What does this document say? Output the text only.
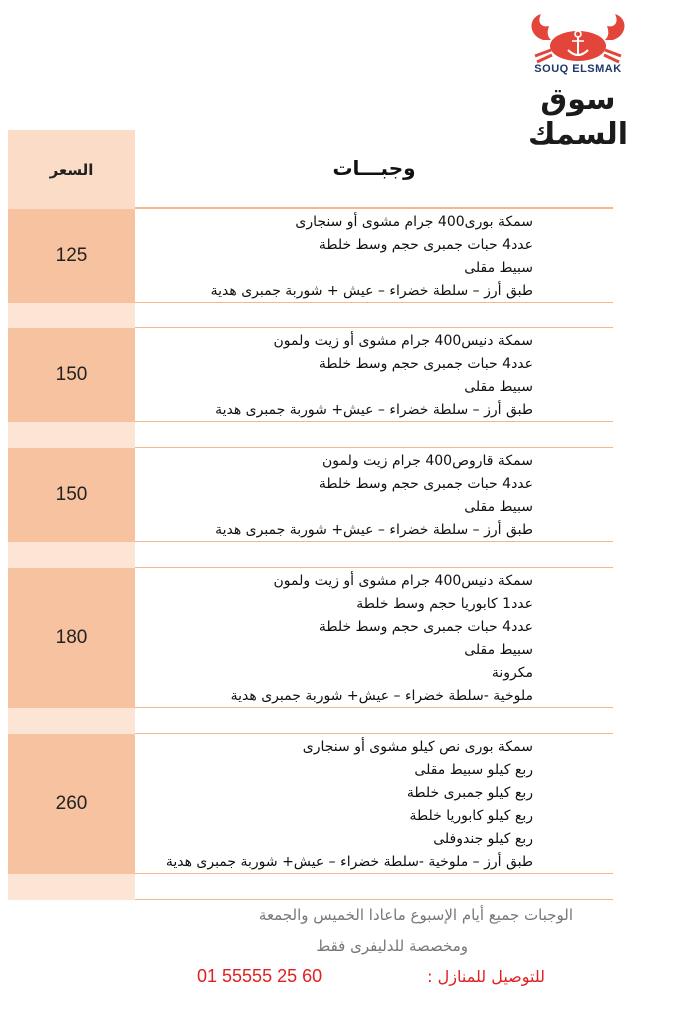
SOUQ ELSMAK
سوق السمك
السعر	وجبـــات
125
سمكة بورى400 جرام مشوى أو سنجارى
عدد4 حبات جمبرى حجم وسط خلطة
سبيط مقلى
طبق أرز – سلطة خضراء – عيش + شوربة جمبرى هدية
150
سمكة دنيس400 جرام مشوى أو زيت ولمون
عدد4 حبات جمبرى حجم وسط خلطة
سبيط مقلى
طبق أرز – سلطة خضراء – عيش+ شوربة جمبرى هدية
150
سمكة قاروص400 جرام زيت ولمون
عدد4 حبات جمبرى حجم وسط خلطة
سبيط مقلى
طبق أرز – سلطة خضراء – عيش+ شوربة جمبرى هدية
180
سمكة دنيس400 جرام مشوى أو زيت ولمون
عدد1 كابوريا حجم وسط خلطة
عدد4 حبات جمبرى حجم وسط خلطة
سبيط مقلى
مكرونة
ملوخية -سلطة خضراء – عيش+ شوربة جمبرى هدية
260
سمكة بورى نص كيلو مشوى أو سنجارى
ربع كيلو سبيط مقلى
ربع كيلو جمبرى خلطة
ربع كيلو كابوريا خلطة
ربع كيلو جندوفلى
طبق أرز – ملوخية -سلطة خضراء – عيش+ شوربة جمبرى هدية
الوجبات جميع أيام الإسبوع ماعادا الخميس والجمعة
ومخصصة للدليفرى فقط
للتوصيل للمنازل :
01 55555 25 60
